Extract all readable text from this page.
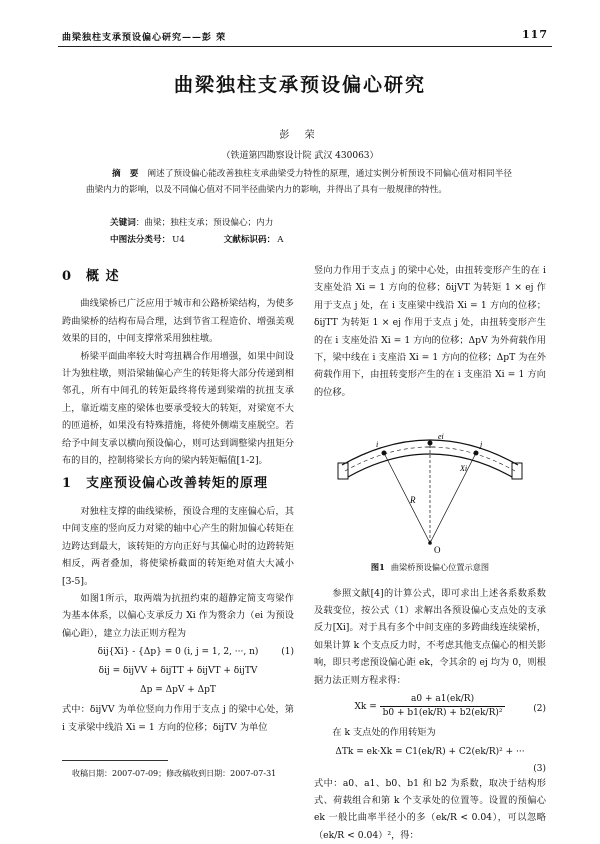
曲梁独柱支承预设偏心研究——彭 荣	117
曲梁独柱支承预设偏心研究
彭 荣
（铁道第四勘察设计院 武汉 430063）
摘 要 阐述了预设偏心能改善独柱支承曲梁受力特性的原理，通过实例分析预设不同偏心值对相同半径曲梁内力的影响，以及不同偏心值对不同半径曲梁内力的影响，并得出了具有一般规律的特性。
关键词：曲梁；独柱支承；预设偏心；内力
中图法分类号： U4	文献标识码： A
0 概 述

曲线梁桥已广泛应用于城市和公路桥梁结构，为使多跨曲梁桥的结构布局合理，达到节省工程造价、增强美观效果的目的，中间支撑常采用独柱墩。

桥梁平面曲率较大时弯扭耦合作用增强，如果中间设计为独柱墩，则沿梁轴偏心产生的转矩将大部分传递到相邻孔，所有中间孔的转矩最终将传递到梁端的抗扭支承上，靠近端支座的梁体也要承受较大的转矩，对梁宽不大的匝道桥，如果没有特殊措施，将使外侧端支座脱空。若给予中间支承以横向预设偏心，则可达到调整梁内扭矩分布的目的，控制将梁长方向的梁内转矩幅值[1-2]。

1 支座预设偏心改善转矩的原理

对独柱支撑的曲线梁桥，预设合理的支座偏心后，其中间支座的竖向反力对梁的轴中心产生的附加偏心转矩在边跨达到最大，该转矩的方向正好与其偏心时的边跨转矩相反，两者叠加，将使梁桥截面的转矩绝对值大大减小[3-5]。

如图1所示，取两端为抗扭约束的超静定简支弯梁作为基本体系，以偏心支承反力 Xi 作为赘余力（ei 为预设偏心距），建立力法正则方程为

δij{Xi} - {Δp} = 0 (i, j = 1, 2, ···, n)	(1)
δij = δijVV + δijTT + δijVT + δijTV
Δp = ΔpV + ΔpT

式中：δijVV 为单位竖向力作用于支点 j 的梁中心处，第 i 支承梁中线沿 Xi = 1 方向的位移；δijTV 为单位

竖向力作用于支点 j 的梁中心处，由扭转变形产生的在 i 支座处沿 Xi = 1 方向的位移；δijVT 为转矩 1 × ej 作用于支点 j 处，在 i 支座梁中线沿 Xi = 1 方向的位移；δijTT 为转矩 1 × ej 作用于支点 j 处，由扭转变形产生的在 i 支座处沿 Xi = 1 方向的位移；ΔpV 为外荷载作用下，梁中线在 i 支座沿 Xi = 1 方向的位移；ΔpT 为在外荷载作用下，由扭转变形产生的在 i 支座沿 Xi = 1 方向的位移。

R
O
ei
Xi
i	j
图1 曲梁桥预设偏心位置示意图

参照文献[4]的计算公式，即可求出上述各系数系数及载变位，按公式（1）求解出各预设偏心支点处的支承反力[Xi]。对于具有多个中间支座的多跨曲线连续梁桥，如果计算 k 个支点反力时，不考虑其他支点偏心的相关影响，即只考虑预设偏心距 ek，令其余的 ej 均为 0，则根据力法正则方程求得：

$Xk = \frac{a0 + a1(ek/R)}{\text{b0 + b1(ek/R) + b2(ek/R)²}}$	(2)

在 k 支点处的作用转矩为

ΔTk = ek·Xk = C1(ek/R) + C2(ek/R)² + ···
(3)

式中：a0、a1、b0、b1 和 b2 为系数，取决于结构形式、荷载组合和第 k 个支承处的位置等。设置的预偏心 ek 一般比曲率半径小的多（ek/R < 0.04），可以忽略（ek/R < 0.04）²，得：

收稿日期：2007-07-09；修改稿收到日期：2007-07-31
